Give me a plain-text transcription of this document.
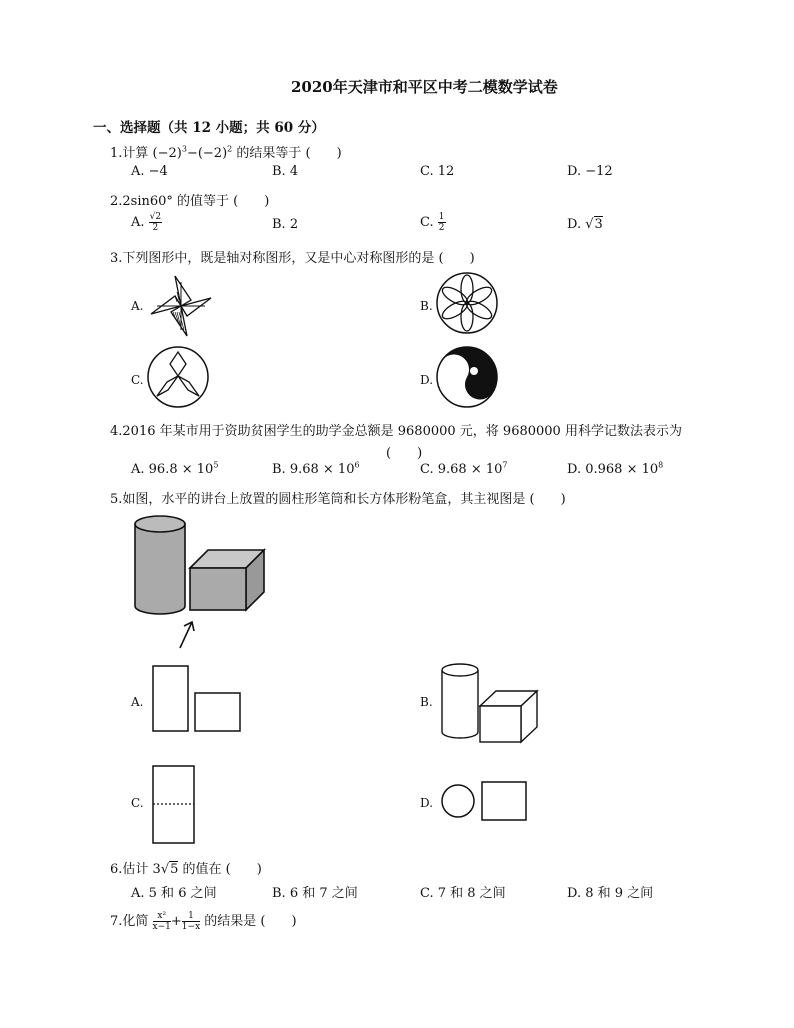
2020年天津市和平区中考二模数学试卷
一、选择题（共 12 小题；共 60 分）
1.计算 $(-2)^3-(-2)^2$ 的结果等于 (　　)
A. −4	B. 4	C. 12	D. −12
2.2sin60° 的值等于 (　　)
A. $\frac{√2}{2}$	B. 2	C. $\frac{1}{2}$	D. √3
3.下列图形中，既是轴对称图形，又是中心对称图形的是 (　　)
A.	B.
C.	D.
4.2016 年某市用于资助贫困学生的助学金总额是 9680000 元，将 9680000 用科学记数法表示为
(　　)
A. $96.8 \times 10^5$	B. $9.68 \times 10^6$	C. $9.68 \times 10^7$	D. $0.968 \times 10^8$
5.如图，水平的讲台上放置的圆柱形笔筒和长方体形粉笔盒，其主视图是 (　　)
A.	B.
C.	D.
6.估计 3√5 的值在 (　　)
A. 5 和 6 之间	B. 6 和 7 之间	C. 7 和 8 之间	D. 8 和 9 之间
7.化简 $\frac{\text{x²}}{x-1} + \frac{1}{1-x}$ 的结果是 (　　)
